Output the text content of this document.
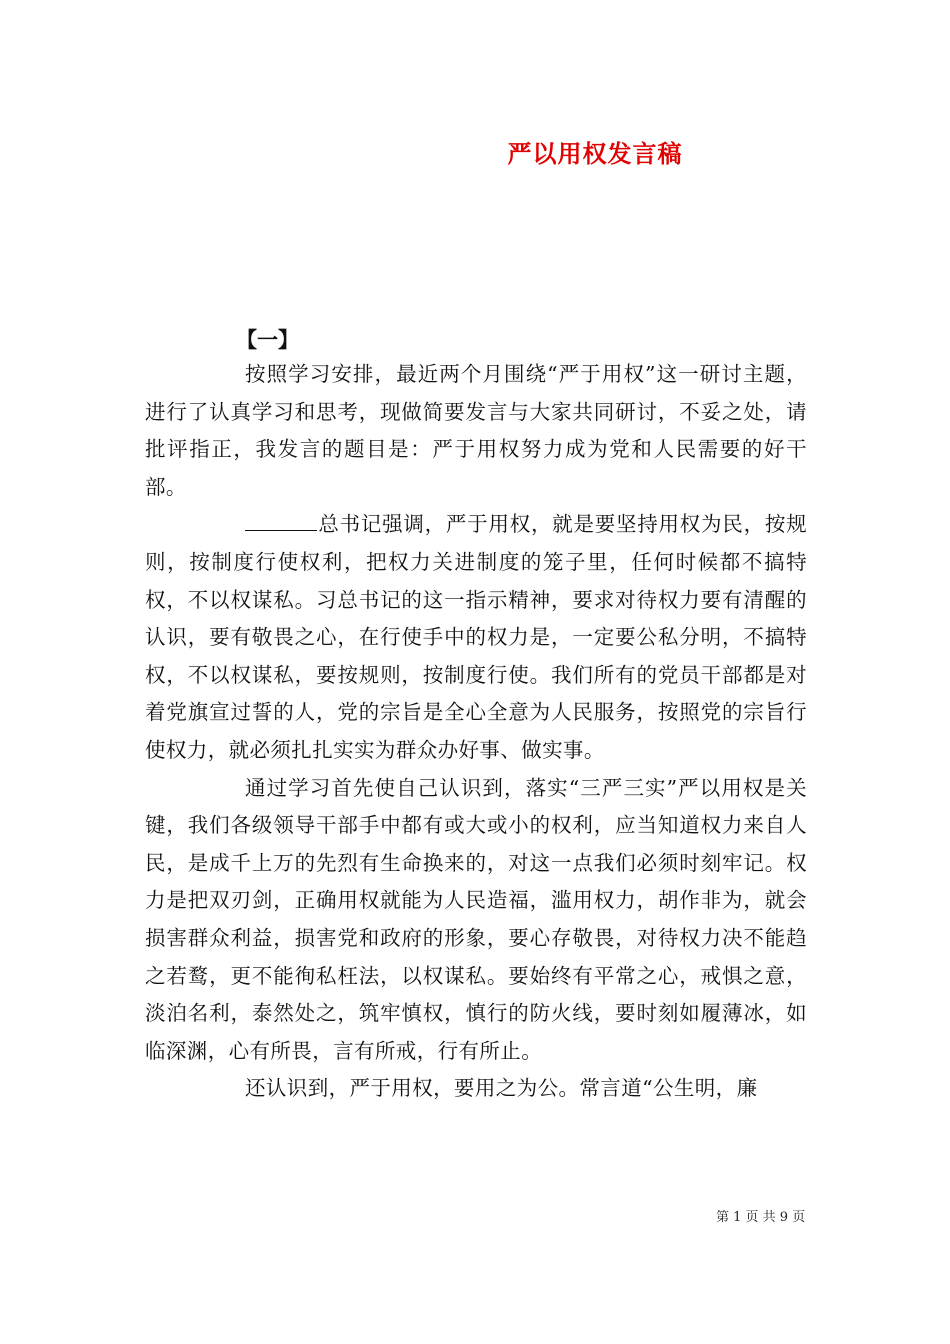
严以用权发言稿
【一】

按照学习安排，最近两个月围绕“严于用权”这一研讨主题，进行了认真学习和思考，现做简要发言与大家共同研讨，不妥之处，请批评指正，我发言的题目是：严于用权努力成为党和人民需要的好干部。

总书记强调，严于用权，就是要坚持用权为民，按规则，按制度行使权利，把权力关进制度的笼子里，任何时候都不搞特权，不以权谋私。习总书记的这一指示精神，要求对待权力要有清醒的认识，要有敬畏之心，在行使手中的权力是，一定要公私分明，不搞特权，不以权谋私，要按规则，按制度行使。我们所有的党员干部都是对着党旗宣过誓的人，党的宗旨是全心全意为人民服务，按照党的宗旨行使权力，就必须扎扎实实为群众办好事、做实事。

通过学习首先使自己认识到，落实“三严三实”严以用权是关键，我们各级领导干部手中都有或大或小的权利，应当知道权力来自人民，是成千上万的先烈有生命换来的，对这一点我们必须时刻牢记。权力是把双刃剑，正确用权就能为人民造福，滥用权力，胡作非为，就会损害群众利益，损害党和政府的形象，要心存敬畏，对待权力决不能趋之若鹜，更不能徇私枉法，以权谋私。要始终有平常之心，戒惧之意，淡泊名利，泰然处之，筑牢慎权，慎行的防火线，要时刻如履薄冰，如临深渊，心有所畏，言有所戒，行有所止。

还认识到，严于用权，要用之为公。常言道“公生明，廉

第 1 页 共 9 页
